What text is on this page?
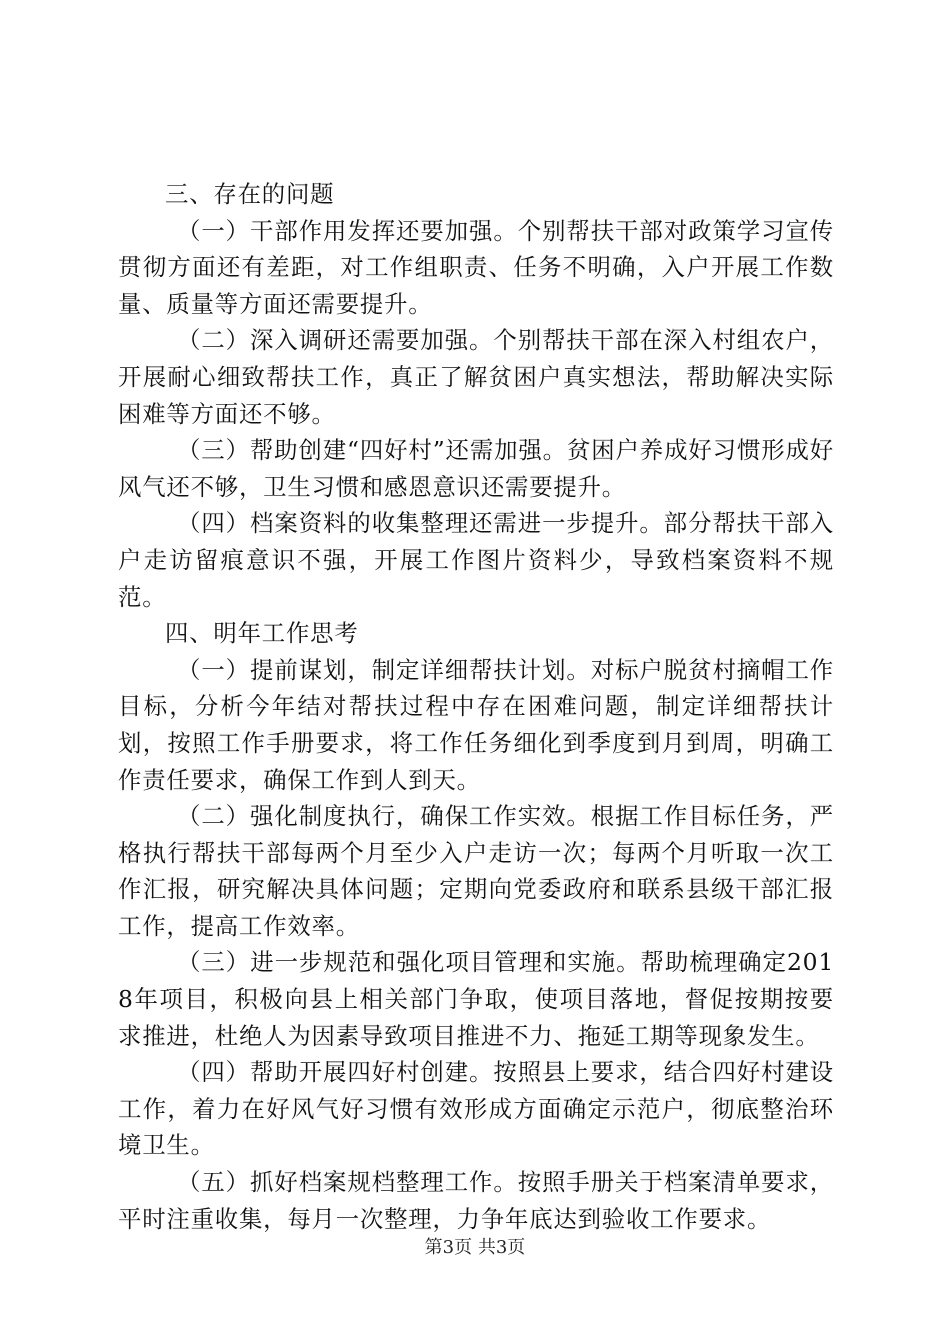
三、存在的问题

（一）干部作用发挥还要加强。个别帮扶干部对政策学习宣传贯彻方面还有差距，对工作组职责、任务不明确，入户开展工作数量、质量等方面还需要提升。

（二）深入调研还需要加强。个别帮扶干部在深入村组农户，开展耐心细致帮扶工作，真正了解贫困户真实想法，帮助解决实际困难等方面还不够。

（三）帮助创建“四好村”还需加强。贫困户养成好习惯形成好风气还不够，卫生习惯和感恩意识还需要提升。

（四）档案资料的收集整理还需进一步提升。部分帮扶干部入户走访留痕意识不强，开展工作图片资料少，导致档案资料不规范。

四、明年工作思考

（一）提前谋划，制定详细帮扶计划。对标户脱贫村摘帽工作目标，分析今年结对帮扶过程中存在困难问题，制定详细帮扶计划，按照工作手册要求，将工作任务细化到季度到月到周，明确工作责任要求，确保工作到人到天。

（二）强化制度执行，确保工作实效。根据工作目标任务，严格执行帮扶干部每两个月至少入户走访一次；每两个月听取一次工作汇报，研究解决具体问题；定期向党委政府和联系县级干部汇报工作，提高工作效率。

（三）进一步规范和强化项目管理和实施。帮助梳理确定2018年项目，积极向县上相关部门争取，使项目落地，督促按期按要求推进，杜绝人为因素导致项目推进不力、拖延工期等现象发生。

（四）帮助开展四好村创建。按照县上要求，结合四好村建设工作，着力在好风气好习惯有效形成方面确定示范户，彻底整治环境卫生。

（五）抓好档案规档整理工作。按照手册关于档案清单要求，平时注重收集，每月一次整理，力争年底达到验收工作要求。

第3页 共3页
